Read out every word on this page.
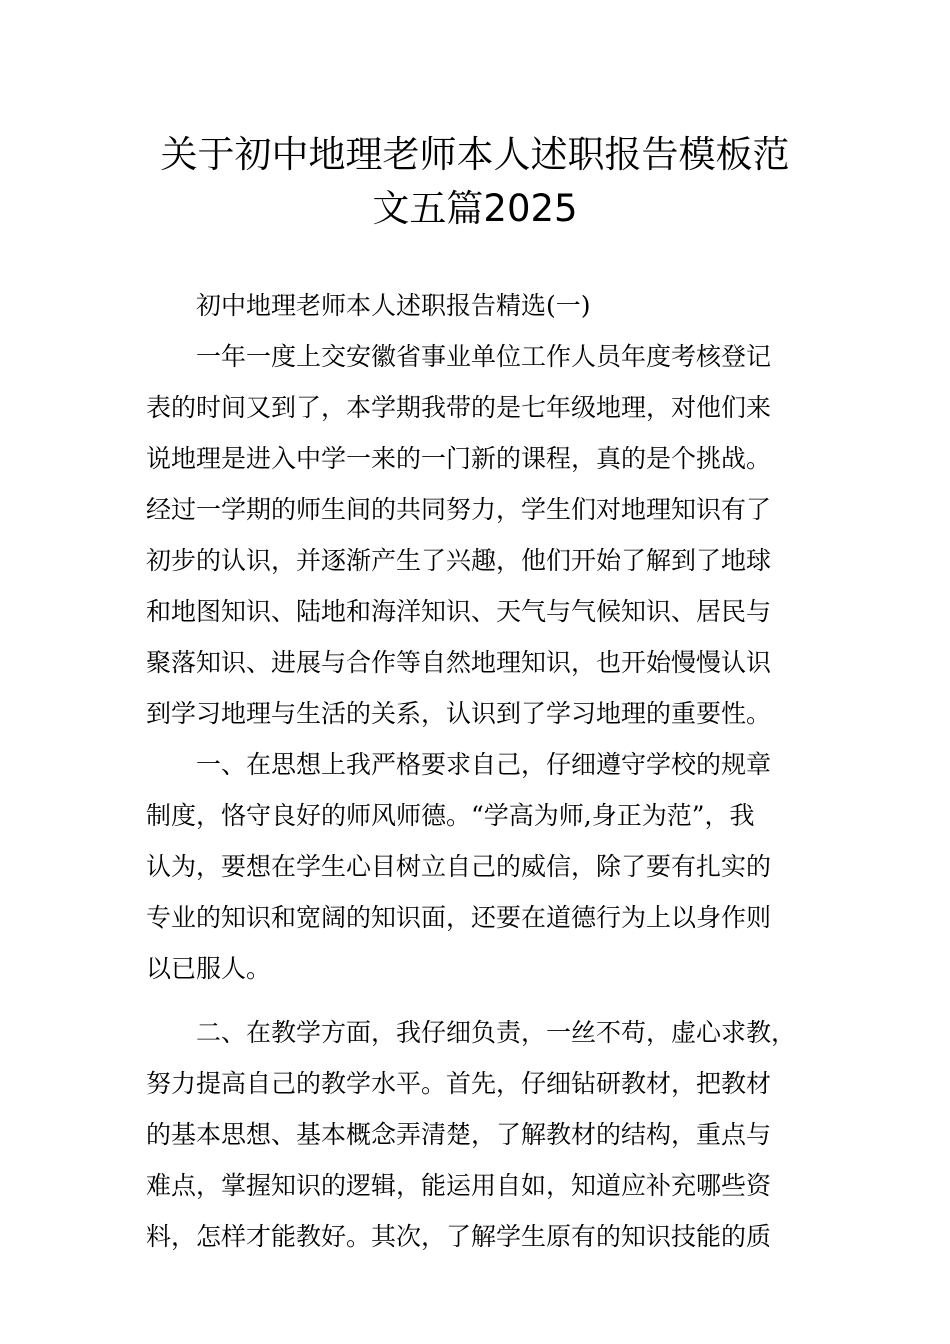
关于初中地理老师本人述职报告模板范
文五篇2025

初中地理老师本人述职报告精选(一)

一年一度上交安徽省事业单位工作人员年度考核登记
表的时间又到了，本学期我带的是七年级地理，对他们来
说地理是进入中学一来的一门新的课程，真的是个挑战。
经过一学期的师生间的共同努力，学生们对地理知识有了
初步的认识，并逐渐产生了兴趣，他们开始了解到了地球
和地图知识、陆地和海洋知识、天气与气候知识、居民与
聚落知识、进展与合作等自然地理知识，也开始慢慢认识
到学习地理与生活的关系，认识到了学习地理的重要性。

一、在思想上我严格要求自己，仔细遵守学校的规章
制度，恪守良好的师风师德。“学高为师,身正为范”，我
认为，要想在学生心目树立自己的威信，除了要有扎实的
专业的知识和宽阔的知识面，还要在道德行为上以身作则
以已服人。

二、在教学方面，我仔细负责，一丝不苟，虚心求教，
努力提高自己的教学水平。首先，仔细钻研教材，把教材
的基本思想、基本概念弄清楚，了解教材的结构，重点与
难点，掌握知识的逻辑，能运用自如，知道应补充哪些资
料，怎样才能教好。其次，了解学生原有的知识技能的质
